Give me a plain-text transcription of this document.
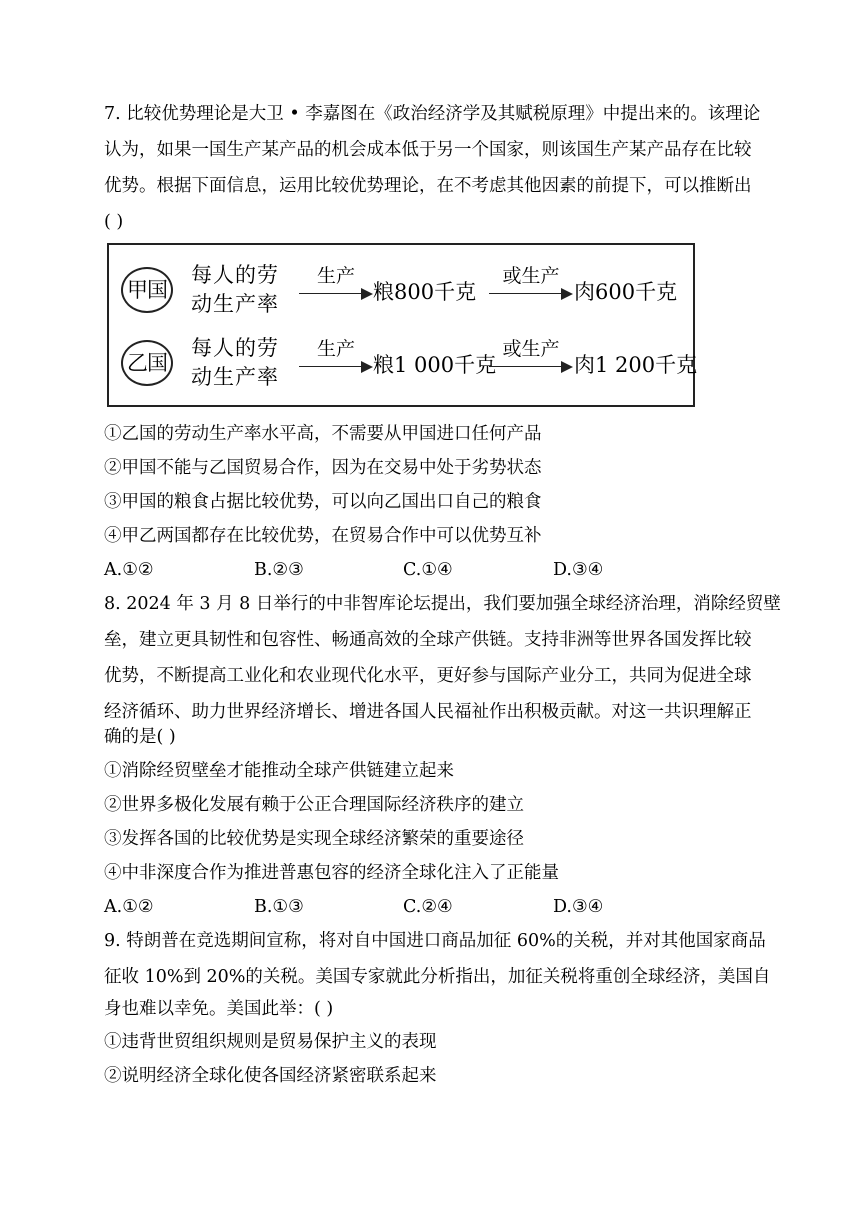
7. 比较优势理论是大卫 • 李嘉图在《政治经济学及其赋税原理》中提出来的。该理论
认为，如果一国生产某产品的机会成本低于另一个国家，则该国生产某产品存在比较
优势。根据下面信息，运用比较优势理论，在不考虑其他因素的前提下，可以推断出
( )
甲国
每人的劳
动生产率
生产
粮800千克
或生产
肉600千克
乙国
每人的劳
动生产率
生产
粮1 000千克
或生产
肉1 200千克
①乙国的劳动生产率水平高，不需要从甲国进口任何产品
②甲国不能与乙国贸易合作，因为在交易中处于劣势状态
③甲国的粮食占据比较优势，可以向乙国出口自己的粮食
④甲乙两国都存在比较优势，在贸易合作中可以优势互补
A.①②	B.②③	C.①④	D.③④
8. 2024 年 3 月 8 日举行的中非智库论坛提出，我们要加强全球经济治理，消除经贸壁
垒，建立更具韧性和包容性、畅通高效的全球产供链。支持非洲等世界各国发挥比较
优势，不断提高工业化和农业现代化水平，更好参与国际产业分工，共同为促进全球
经济循环、助力世界经济增长、增进各国人民福祉作出积极贡献。对这一共识理解正
确的是( )
①消除经贸壁垒才能推动全球产供链建立起来
②世界多极化发展有赖于公正合理国际经济秩序的建立
③发挥各国的比较优势是实现全球经济繁荣的重要途径
④中非深度合作为推进普惠包容的经济全球化注入了正能量
A.①②	B.①③	C.②④	D.③④
9. 特朗普在竞选期间宣称，将对自中国进口商品加征 60%的关税，并对其他国家商品
征收 10%到 20%的关税。美国专家就此分析指出，加征关税将重创全球经济，美国自
身也难以幸免。美国此举：( )
①违背世贸组织规则是贸易保护主义的表现
②说明经济全球化使各国经济紧密联系起来
